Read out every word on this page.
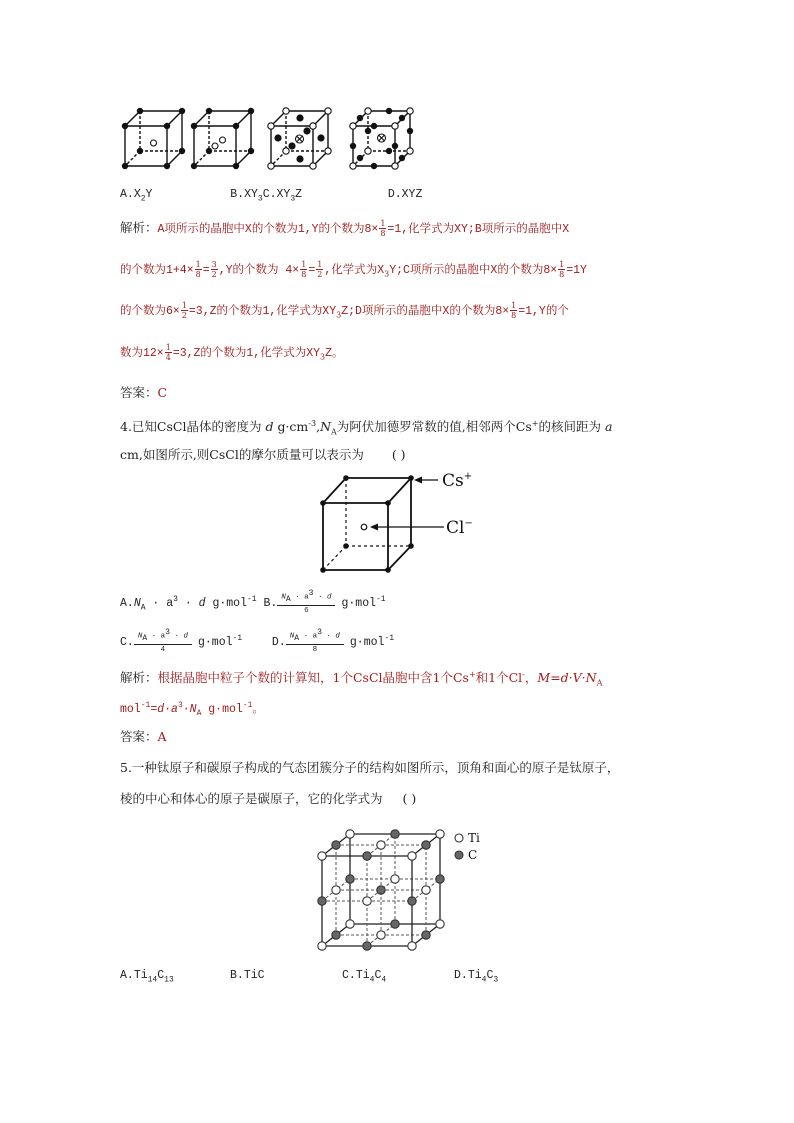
$A.X_2Y$	$B.XY_3C.XY_3Z$	D.XYZ
解析：A项所示的晶胞中X的个数为1,Y的个数为$8\times \frac{1}{8} =1$,化学式为XY;B项所示的晶胞中X
的个数为$1+4\times \frac{1}{8} = \frac{3}{2} ,Y$的个数为 $4\times \frac{1}{8} = \frac{1}{2}$ ,化学式为$X_3Y;C$项所示的晶胞中X的个数为$8\times \frac{1}{8} =1Y$
的个数为$6\times \frac{1}{2} =3,Z$的个数为1,化学式为$XY_3Z;D$项所示的晶胞中X的个数为$8\times \frac{1}{8} =1,Y$的个
数为$12\times \frac{1}{4} =3,Z$的个数为1,化学式为$XY_3Z$。
答案：C
4.已知CsCl晶体的密度为 d $g\cdot cm^{-3},N_A$为阿伏加德罗常数的值,相邻两个Cs+的核间距为 a
cm,如图所示,则CsCl的摩尔质量可以表示为 ( )
Cs+
Cl−
$A.N_A \cdot a^3 \cdot d$ g·mol$^{-1}$ B. $\frac{N_A \cdot a^3 \cdot d}{6} g\cdot mol^{-1}$
C. $\frac{N_A \cdot a^3 \cdot d}{4} g\cdot mol^{-1}$	D. $\frac{N_A \cdot a^3 \cdot d}{8} g\cdot mol^{-1}$
解析：根据晶胞中粒子个数的计算知，1个CsCl晶胞中含1个Cs+和1个Cl-，$M=d\cdot V\cdot N_A$
$mol^{-1}=d\cdot a^3\cdot N_A$ g·mol$^{-1}$。
答案：A
5.一种钛原子和碳原子构成的气态团簇分子的结构如图所示，顶角和面心的原子是钛原子，
棱的中心和体心的原子是碳原子，它的化学式为 ( )
Ti
C
$A.Ti_{14}C_{13}$	B.TiC	$C.Ti_4C_4$	$D.Ti_4C_3$
